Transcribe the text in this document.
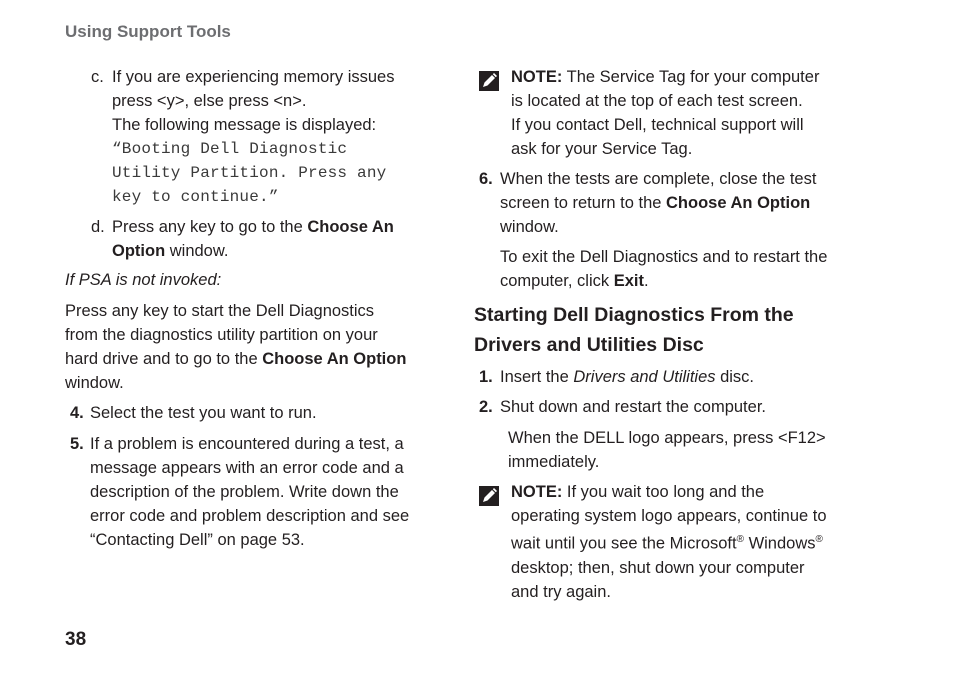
Using Support Tools
c. If you are experiencing memory issues

press <y>, else press <n>.

The following message is displayed:

“Booting Dell Diagnostic

Utility Partition. Press any

key to continue.”

d. Press any key to go to the Choose An

Option window.

If PSA is not invoked:

Press any key to start the Dell Diagnostics

from the diagnostics utility partition on your

hard drive and to go to the Choose An Option

window.

4. Select the test you want to run.

5. If a problem is encountered during a test, a

message appears with an error code and a

description of the problem. Write down the

error code and problem description and see

“Contacting Dell” on page 53.

NOTE: The Service Tag for your computer

is located at the top of each test screen.

If you contact Dell, technical support will

ask for your Service Tag.

6. When the tests are complete, close the test

screen to return to the Choose An Option

window.

To exit the Dell Diagnostics and to restart the

computer, click Exit.

Starting Dell Diagnostics From the

Drivers and Utilities Disc

1. Insert the Drivers and Utilities disc.

2. Shut down and restart the computer.

When the DELL logo appears, press <F12>

immediately.

NOTE: If you wait too long and the

operating system logo appears, continue to

wait until you see the Microsoft® Windows®

desktop; then, shut down your computer

and try again.

38
